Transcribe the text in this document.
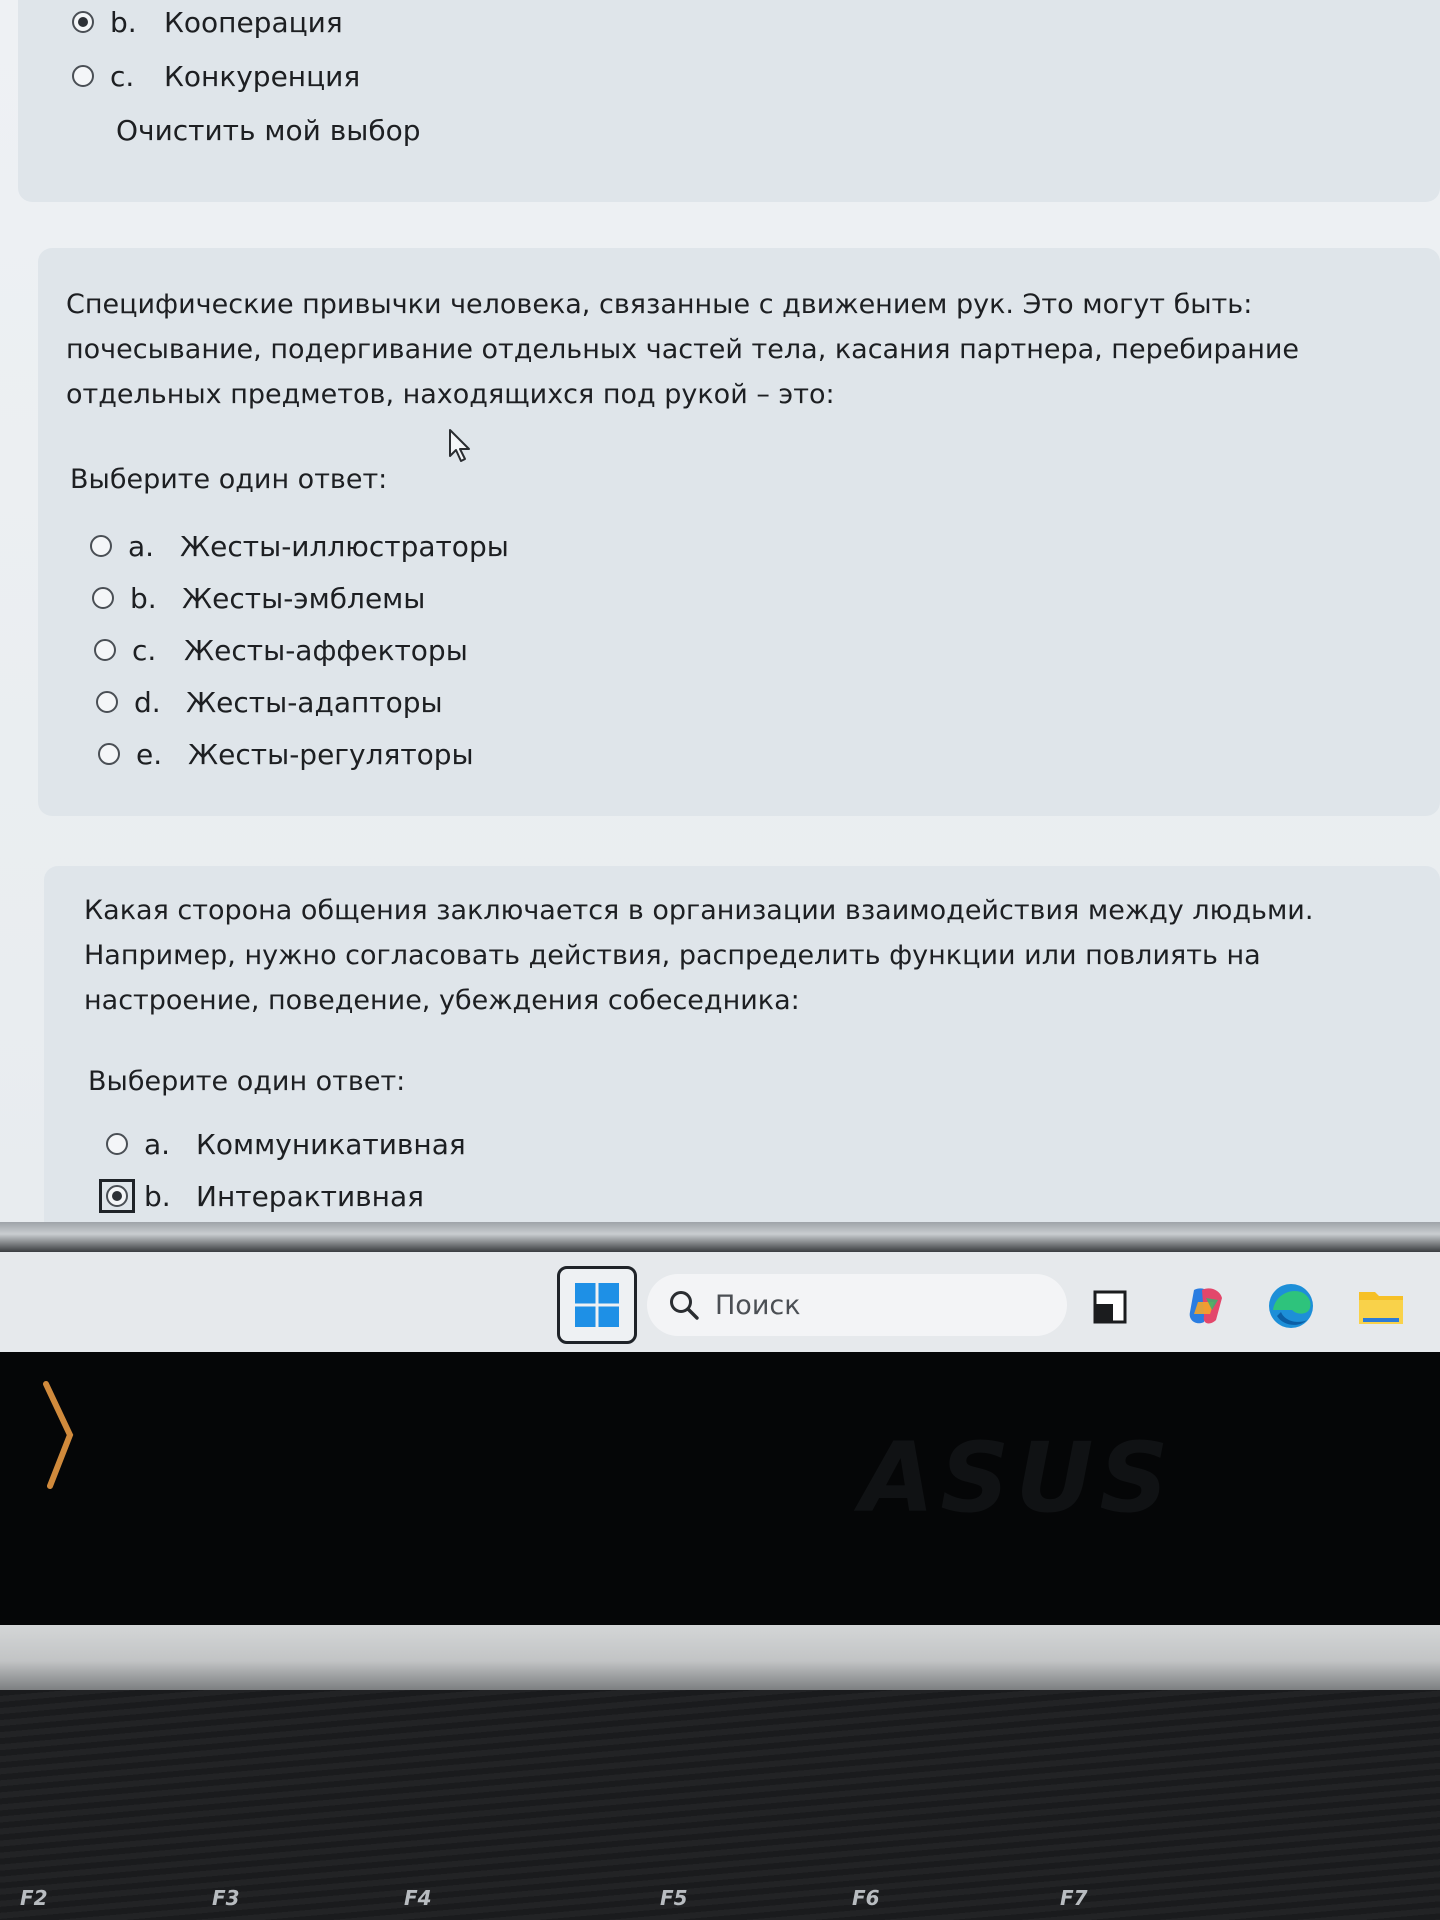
b. Кооперация
c.	Конкуренция
Очистить мой выбор

Специфические привычки человека, связанные с движением рук. Это могут быть:
почесывание, подергивание отдельных частей тела, касания партнера, перебирание
отдельных предметов, находящихся под рукой – это:

Выберите один ответ:
a. Жесты-иллюстраторы
b. Жесты-эмблемы
c. Жесты-аффекторы
d. Жесты-адапторы
e. Жесты-регуляторы

Какая сторона общения заключается в организации взаимодействия между людьми.
Например, нужно согласовать действия, распределить функции или повлиять на
настроение, поведение, убеждения собеседника:

Выберите один ответ:
a. Коммуникативная
b. Интерактивная
Поиск
ASUS
F2	F3	F4	F5	F6	F7
